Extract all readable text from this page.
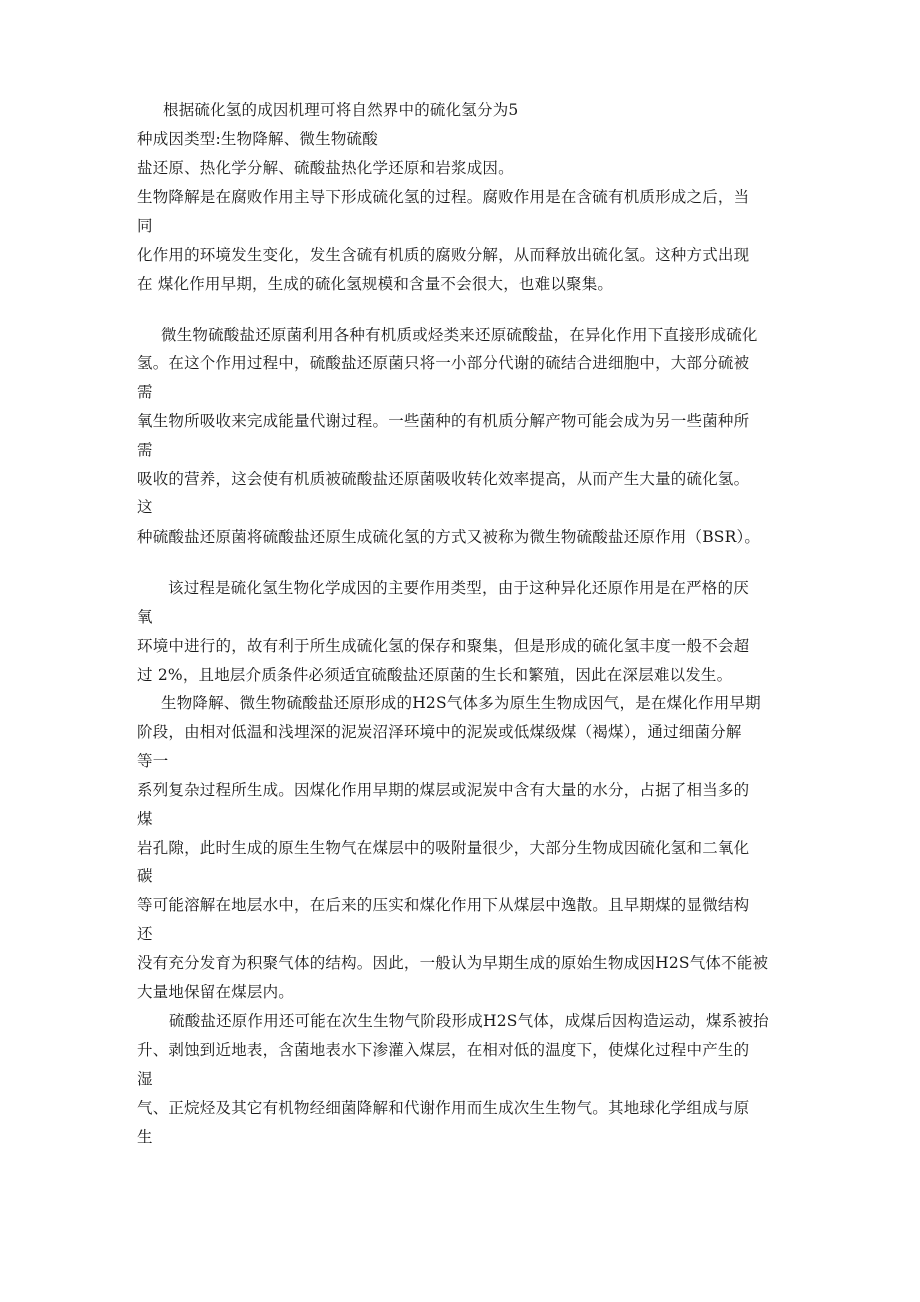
根据硫化氢的成因机理可将自然界中的硫化氢分为5
种成因类型:生物降解、微生物硫酸
盐还原、热化学分解、硫酸盐热化学还原和岩浆成因。
生物降解是在腐败作用主导下形成硫化氢的过程。腐败作用是在含硫有机质形成之后，当
同
化作用的环境发生变化，发生含硫有机质的腐败分解，从而释放出硫化氢。这种方式出现
在 煤化作用早期，生成的硫化氢规模和含量不会很大，也难以聚集。
微生物硫酸盐还原菌利用各种有机质或烃类来还原硫酸盐，在异化作用下直接形成硫化
氢。在这个作用过程中，硫酸盐还原菌只将一小部分代谢的硫结合进细胞中，大部分硫被
需
氧生物所吸收来完成能量代谢过程。一些菌种的有机质分解产物可能会成为另一些菌种所
需
吸收的营养，这会使有机质被硫酸盐还原菌吸收转化效率提高，从而产生大量的硫化氢。
这
种硫酸盐还原菌将硫酸盐还原生成硫化氢的方式又被称为微生物硫酸盐还原作用（BSR）。
该过程是硫化氢生物化学成因的主要作用类型，由于这种异化还原作用是在严格的厌
氧
环境中进行的，故有利于所生成硫化氢的保存和聚集，但是形成的硫化氢丰度一般不会超
过 2%，且地层介质条件必须适宜硫酸盐还原菌的生长和繁殖，因此在深层难以发生。
生物降解、微生物硫酸盐还原形成的H2S气体多为原生生物成因气，是在煤化作用早期
阶段，由相对低温和浅埋深的泥炭沼泽环境中的泥炭或低煤级煤（褐煤），通过细菌分解
等一
系列复杂过程所生成。因煤化作用早期的煤层或泥炭中含有大量的水分，占据了相当多的
煤
岩孔隙，此时生成的原生生物气在煤层中的吸附量很少，大部分生物成因硫化氢和二氧化
碳
等可能溶解在地层水中，在后来的压实和煤化作用下从煤层中逸散。且早期煤的显微结构
还
没有充分发育为积聚气体的结构。因此，一般认为早期生成的原始生物成因H2S气体不能被
大量地保留在煤层内。
硫酸盐还原作用还可能在次生生物气阶段形成H2S气体，成煤后因构造运动，煤系被抬
升、剥蚀到近地表，含菌地表水下渗灌入煤层，在相对低的温度下，使煤化过程中产生的
湿
气、正烷烃及其它有机物经细菌降解和代谢作用而生成次生生物气。其地球化学组成与原
生
